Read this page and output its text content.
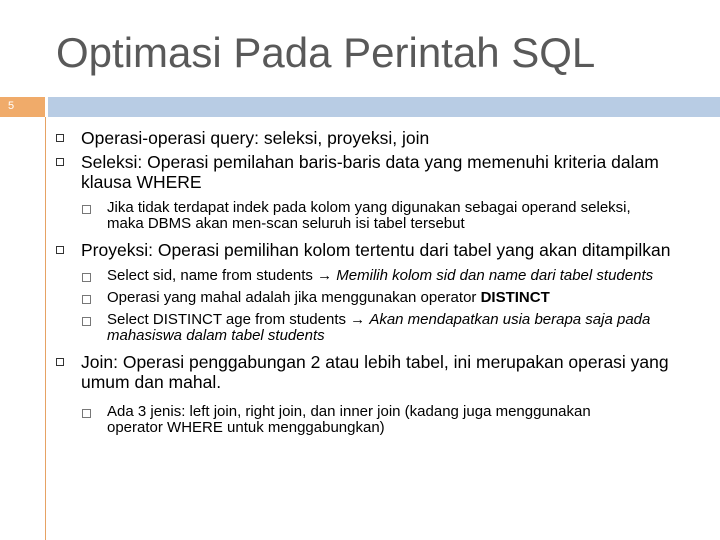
Optimasi Pada Perintah SQL
5
Operasi-operasi query: seleksi, proyeksi, join
Seleksi: Operasi pemilahan baris-baris data yang memenuhi kriteria dalam klausa WHERE
Jika tidak terdapat indek pada kolom yang digunakan sebagai operand seleksi, maka DBMS akan men-scan seluruh isi tabel tersebut
Proyeksi: Operasi pemilihan kolom tertentu dari tabel yang akan ditampilkan
Select sid, name from students → Memilih kolom sid dan name dari tabel students
Operasi yang mahal adalah jika menggunakan operator DISTINCT
Select DISTINCT age from students → Akan mendapatkan usia berapa saja pada mahasiswa dalam tabel students
Join: Operasi penggabungan 2 atau lebih tabel, ini merupakan operasi yang umum dan mahal.
Ada 3 jenis: left join, right join, dan inner join (kadang juga menggunakan operator WHERE untuk menggabungkan)
